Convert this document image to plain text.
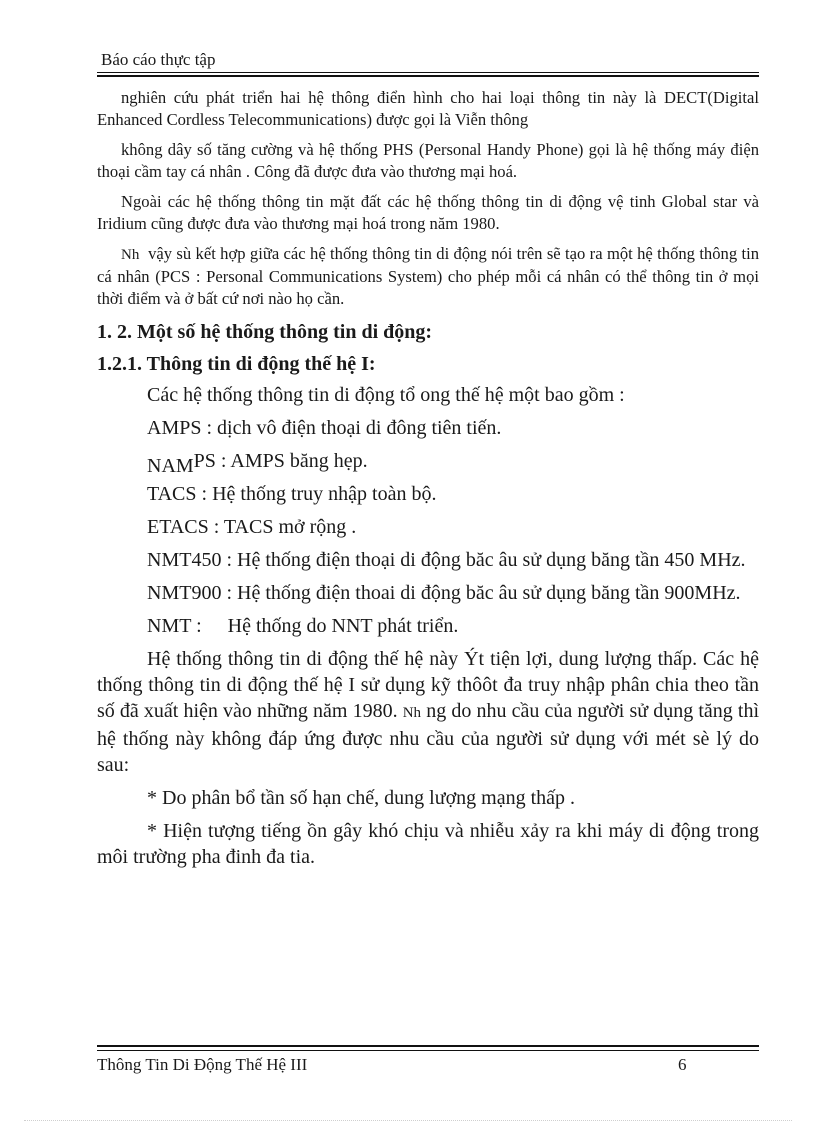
Báo cáo thực tập

nghiên cứu phát triển hai hệ thông điển hình cho hai loại thông tin này là DECT(Digital Enhanced Cordless Telecommunications) được gọi là Viễn thông

không dây số tăng cường và hệ thống PHS (Personal Handy Phone) gọi là hệ thống máy điện thoại cầm tay cá nhân . Công đã được đưa vào thương mại hoá.

Ngoài các hệ thống thông tin mặt đất các hệ thống thông tin di động vệ tinh Global star và Iridium cũng được đưa vào thương mại hoá trong năm 1980.

Nh vậy sù kết hợp giữa các hệ thống thông tin di động nói trên sẽ tạo ra một hệ thống thông tin cá nhân (PCS : Personal Communications System) cho phép mỗi cá nhân có thể thông tin ở mọi thời điểm và ở bất cứ nơi nào họ cần.

1. 2. Một số hệ thống thông tin di động:

1.2.1. Thông tin di động thế hệ I:

Các hệ thống thông tin di động tổ ong thế hệ một bao gồm :

AMPS : dịch vô điện thoại di đông tiên tiến.

NAMPS : AMPS băng hẹp.

TACS : Hệ thống truy nhập toàn bộ.

ETACS : TACS mở rộng .

NMT450 : Hệ thống điện thoại di động băc âu sử dụng băng tần 450 MHz.

NMT900 : Hệ thống điện thoai di động băc âu sử dụng băng tần 900MHz.

NMT : Hệ thống do NNT phát triển.

Hệ thống thông tin di động thế hệ này Ýt tiện lợi, dung lượng thấp. Các hệ thống thông tin di động thế hệ I sử dụng kỹ thôôt đa truy nhập phân chia theo tần số đã xuất hiện vào những năm 1980. Nh ng do nhu cầu của người sử dụng tăng thì hệ thống này không đáp ứng được nhu cầu của người sử dụng với mét sè lý do sau:

* Do phân bổ tần số hạn chế, dung lượng mạng thấp .

* Hiện tượng tiếng ồn gây khó chịu và nhiễu xảy ra khi máy di động trong môi trường pha đinh đa tia.

Thông Tin Di Động Thế Hệ III	6
